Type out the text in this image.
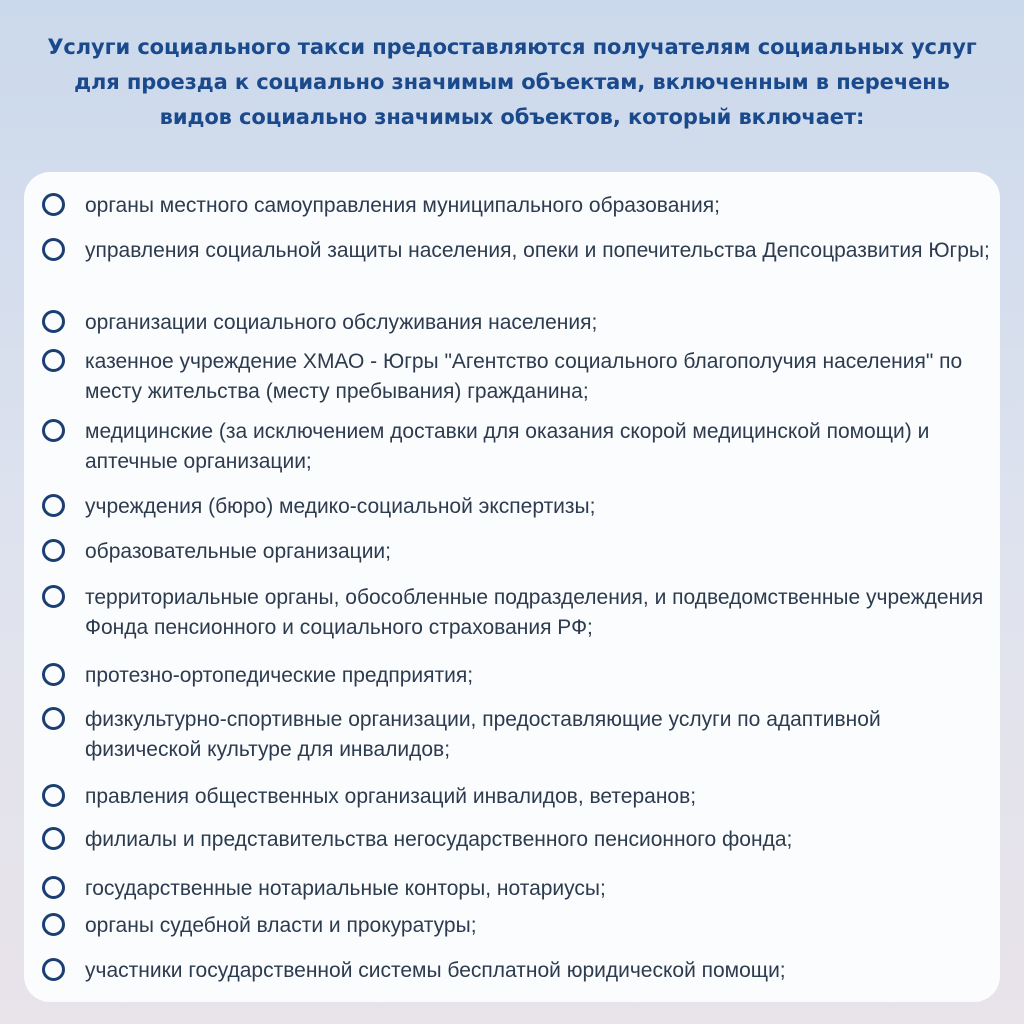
Услуги социального такси предоставляются получателям социальных услуг
для проезда к социально значимым объектам, включенным в перечень
видов социально значимых объектов, который включает:
органы местного самоуправления муниципального образования;
управления социальной защиты населения, опеки и попечительства Депсоцразвития Югры;
организации социального обслуживания населения;
казенное учреждение ХМАО - Югры "Агентство социального благополучия населения" по месту жительства (месту пребывания) гражданина;
медицинские (за исключением доставки для оказания скорой медицинской помощи) и аптечные организации;
учреждения (бюро) медико-социальной экспертизы;
образовательные организации;
территориальные органы, обособленные подразделения, и подведомственные учреждения Фонда пенсионного и социального страхования РФ;
протезно-ортопедические предприятия;
физкультурно-спортивные организации, предоставляющие услуги по адаптивной физической культуре для инвалидов;
правления общественных организаций инвалидов, ветеранов;
филиалы и представительства негосударственного пенсионного фонда;
государственные нотариальные конторы, нотариусы;
органы судебной власти и прокуратуры;
участники государственной системы бесплатной юридической помощи;
